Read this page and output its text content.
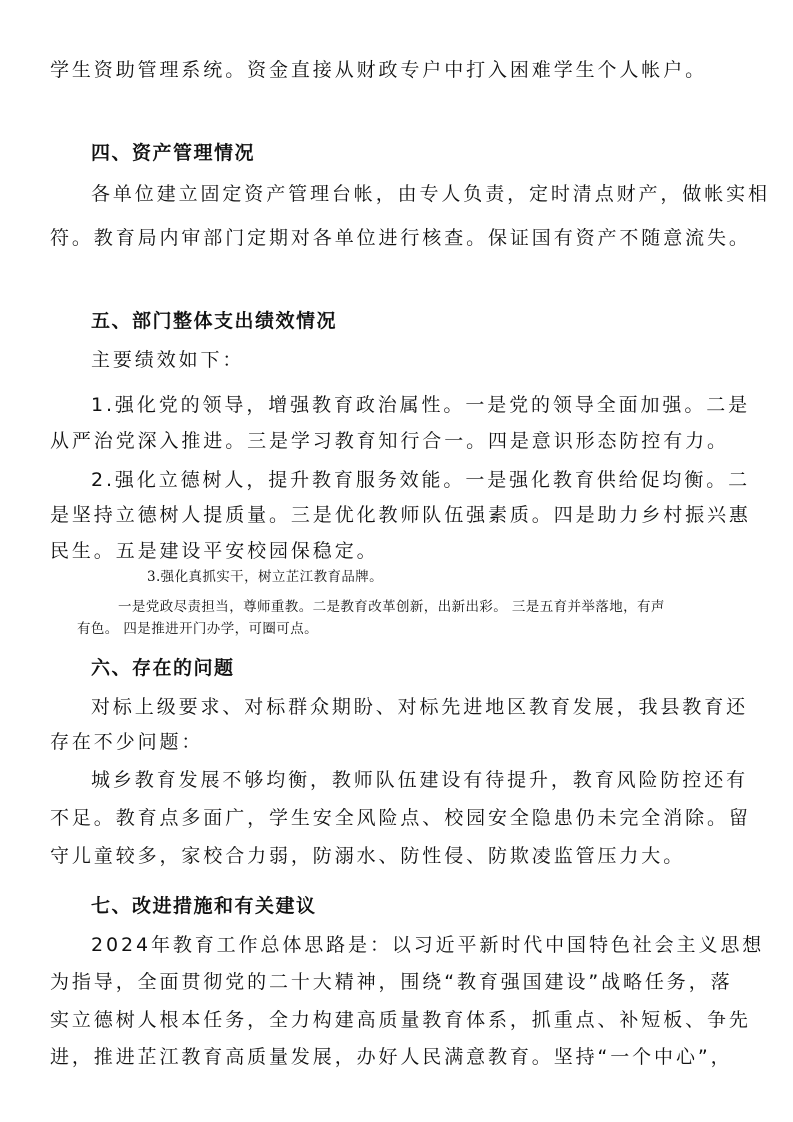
学生资助管理系统。资金直接从财政专户中打入困难学生个人帐户。

四、资产管理情况

各单位建立固定资产管理台帐，由专人负责，定时清点财产，做帐实相

符。教育局内审部门定期对各单位进行核查。保证国有资产不随意流失。

五、部门整体支出绩效情况

主要绩效如下：

1.强化党的领导，增强教育政治属性。一是党的领导全面加强。二是

从严治党深入推进。三是学习教育知行合一。四是意识形态防控有力。

2.强化立德树人，提升教育服务效能。一是强化教育供给促均衡。二

是坚持立德树人提质量。三是优化教师队伍强素质。四是助力乡村振兴惠

民生。五是建设平安校园保稳定。

3.强化真抓实干，树立芷江教育品牌。

一是党政尽责担当，尊师重教。二是教育改革创新，出新出彩。 三是五育并举落地，有声

有色。 四是推进开门办学，可圈可点。

六、存在的问题

对标上级要求、对标群众期盼、对标先进地区教育发展，我县教育还

存在不少问题：

城乡教育发展不够均衡，教师队伍建设有待提升，教育风险防控还有

不足。教育点多面广，学生安全风险点、校园安全隐患仍未完全消除。留

守儿童较多，家校合力弱，防溺水、防性侵、防欺凌监管压力大。

七、改进措施和有关建议

2024年教育工作总体思路是：以习近平新时代中国特色社会主义思想

为指导，全面贯彻党的二十大精神，围绕“教育强国建设”战略任务，落

实立德树人根本任务，全力构建高质量教育体系，抓重点、补短板、争先

进，推进芷江教育高质量发展，办好人民满意教育。坚持“一个中心”，
